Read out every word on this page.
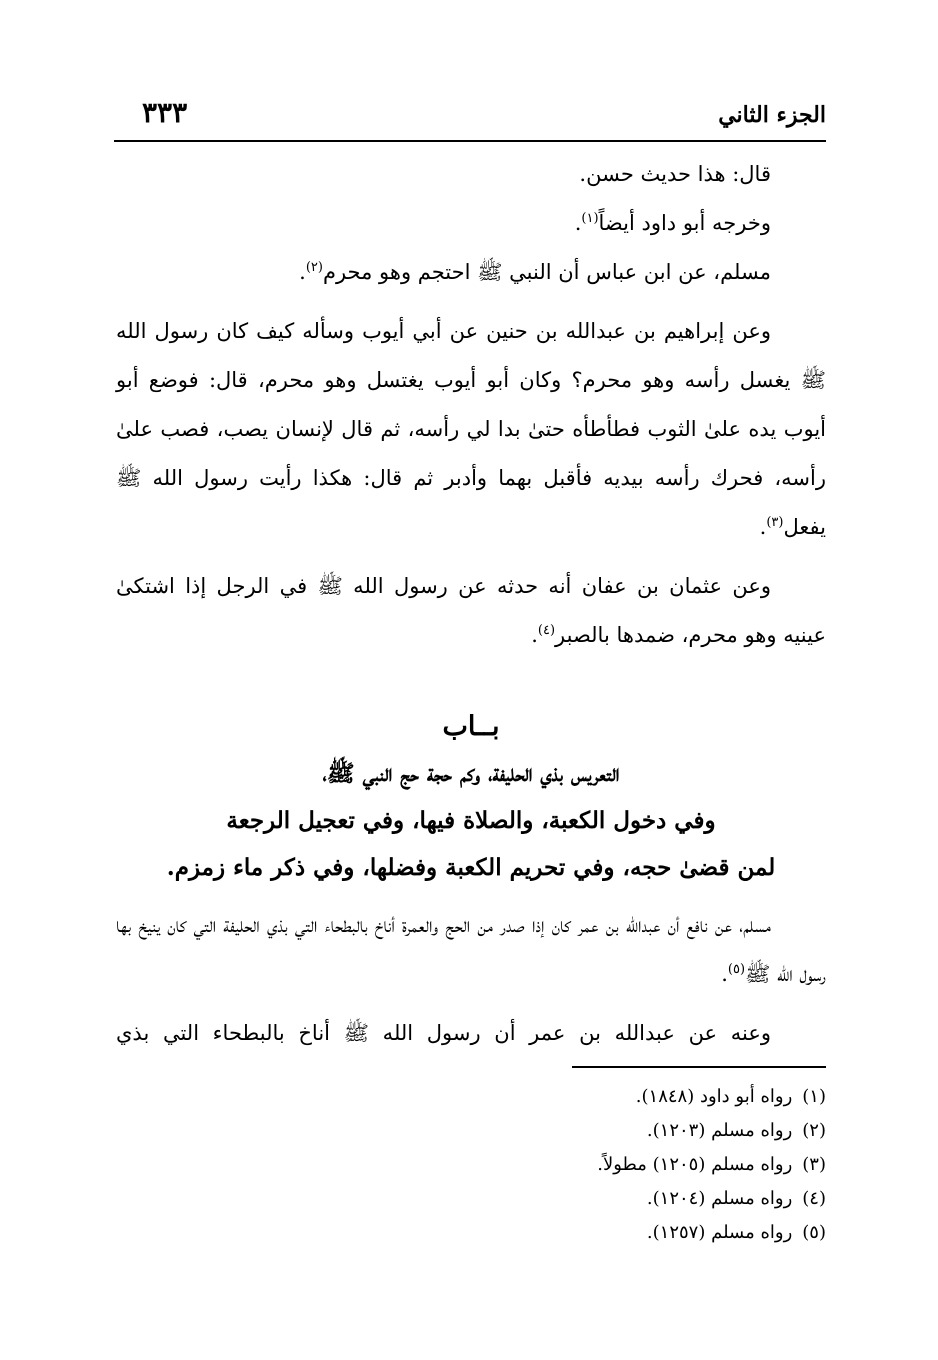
الجزء الثاني
٣٣٣

قال: هذا حديث حسن.

وخرجه أبو داود أيضاً$^{(١)}$.

مسلم، عن ابن عباس أن النبي ﷺ احتجم وهو محرم$^{(٢)}$.

وعن إبراهيم بن عبدالله بن حنين عن أبي أيوب وسأله كيف كان رسول الله ﷺ يغسل رأسه وهو محرم؟ وكان أبو أيوب يغتسل وهو محرم، قال: فوضع أبو أيوب يده علىٰ الثوب فطأطأه حتىٰ بدا لي رأسه، ثم قال لإنسان يصب، فصب علىٰ رأسه، فحرك رأسه بيديه فأقبل بهما وأدبر ثم قال: هكذا رأيت رسول الله ﷺ يفعل$^{(٣)}$.

وعن عثمان بن عفان أنه حدثه عن رسول الله ﷺ في الرجل إذا اشتكىٰ عينيه وهو محرم، ضمدها بالصبر$^{(٤)}$.

بــاب

التعريس بذي الحليفة، وكم حجة حج النبي ﷺ،

وفي دخول الكعبة، والصلاة فيها، وفي تعجيل الرجعة

لمن قضىٰ حجه، وفي تحريم الكعبة وفضلها، وفي ذكر ماء زمزم.

مسلم، عن نافع أن عبدالله بن عمر كان إذا صدر من الحج والعمرة أناخ بالبطحاء التي بذي الحليفة التي كان ينيخ بها رسول الله ﷺ$^{(٥)}$.

وعنه عن عبدالله بن عمر أن رسول الله ﷺ أناخ بالبطحاء التي بذي

(١)رواه أبو داود (١٨٤٨).
(٢)رواه مسلم (١٢٠٣).
(٣)رواه مسلم (١٢٠٥) مطولاً.
(٤)رواه مسلم (١٢٠٤).
(٥)رواه مسلم (١٢٥٧).
